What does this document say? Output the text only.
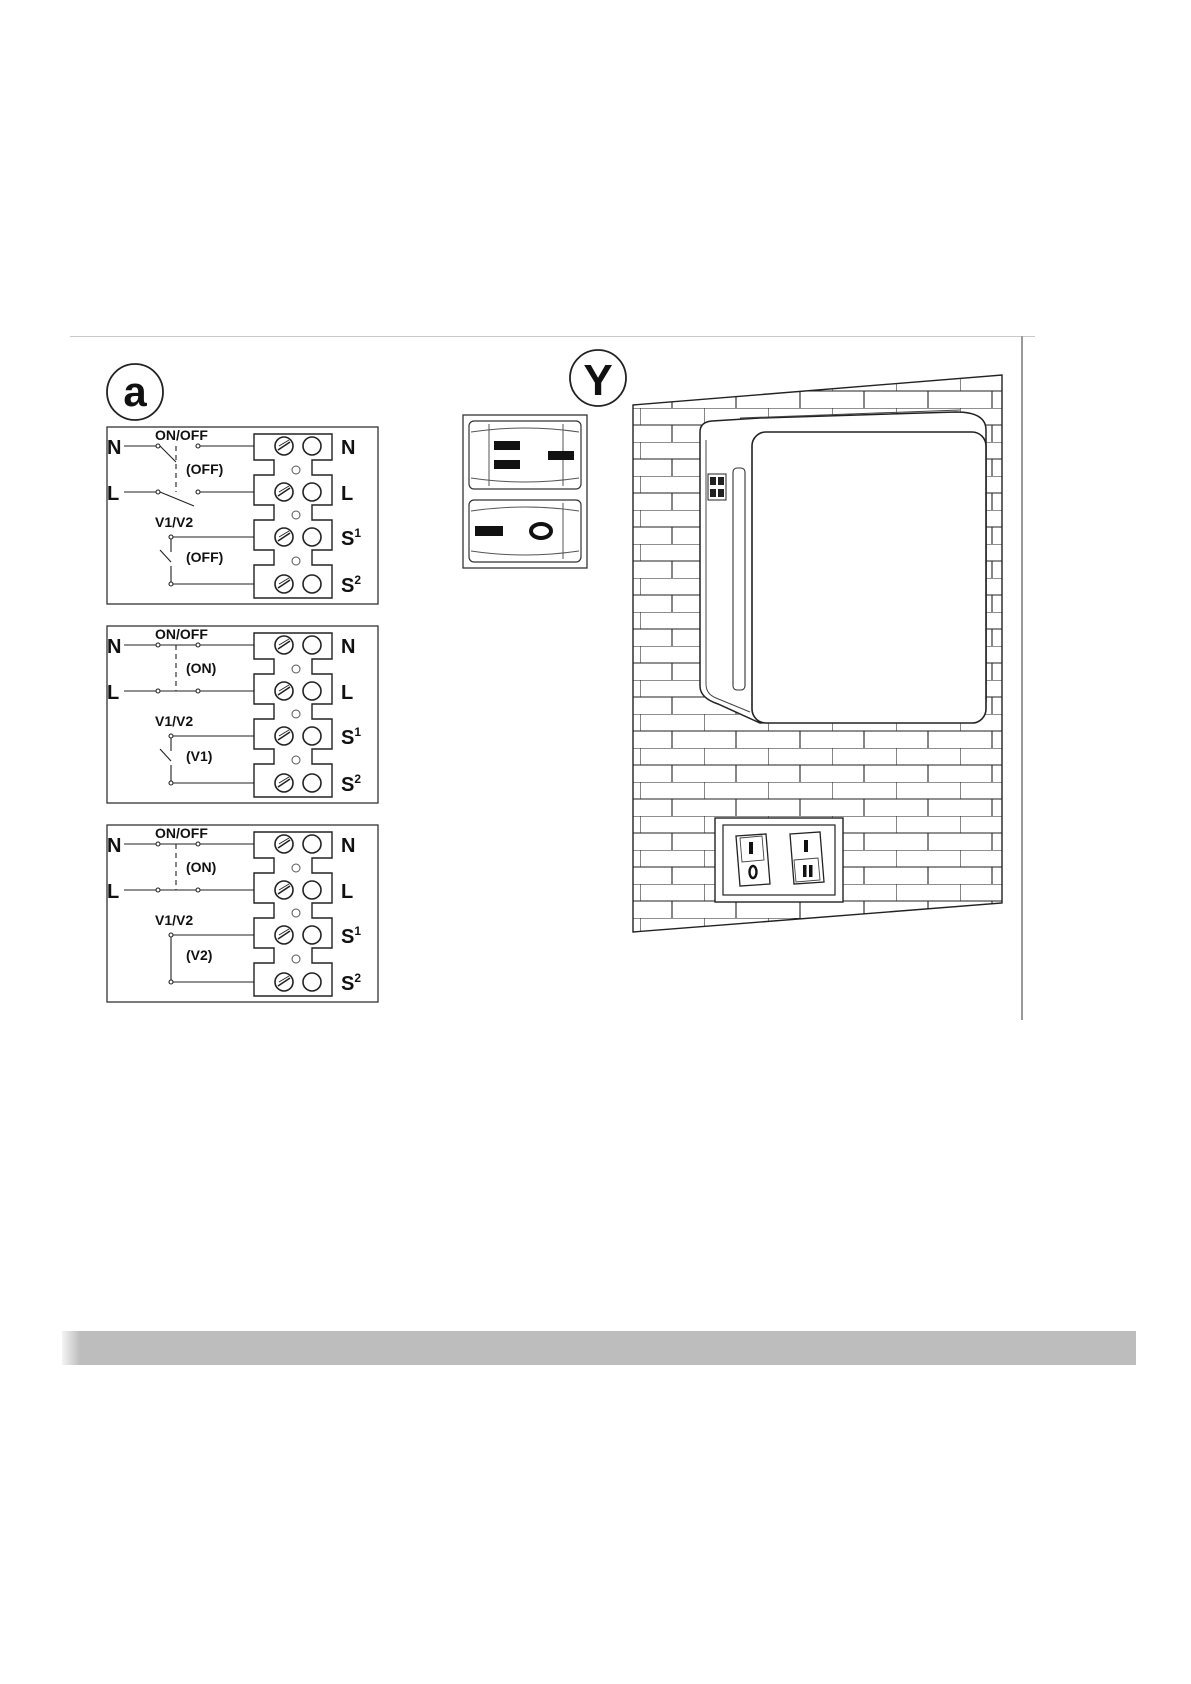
a
N
L
ON/OFF
(OFF)
V1/V2
(OFF)
N
L
$S^1$
$S^2$
N
L
ON/OFF
(ON)
V1/V2
(V1)
N
L
$S^1$
$S^2$
N
L
ON/OFF
(ON)
V1/V2
(V2)
N
L
$S^1$
$S^2$
Y
